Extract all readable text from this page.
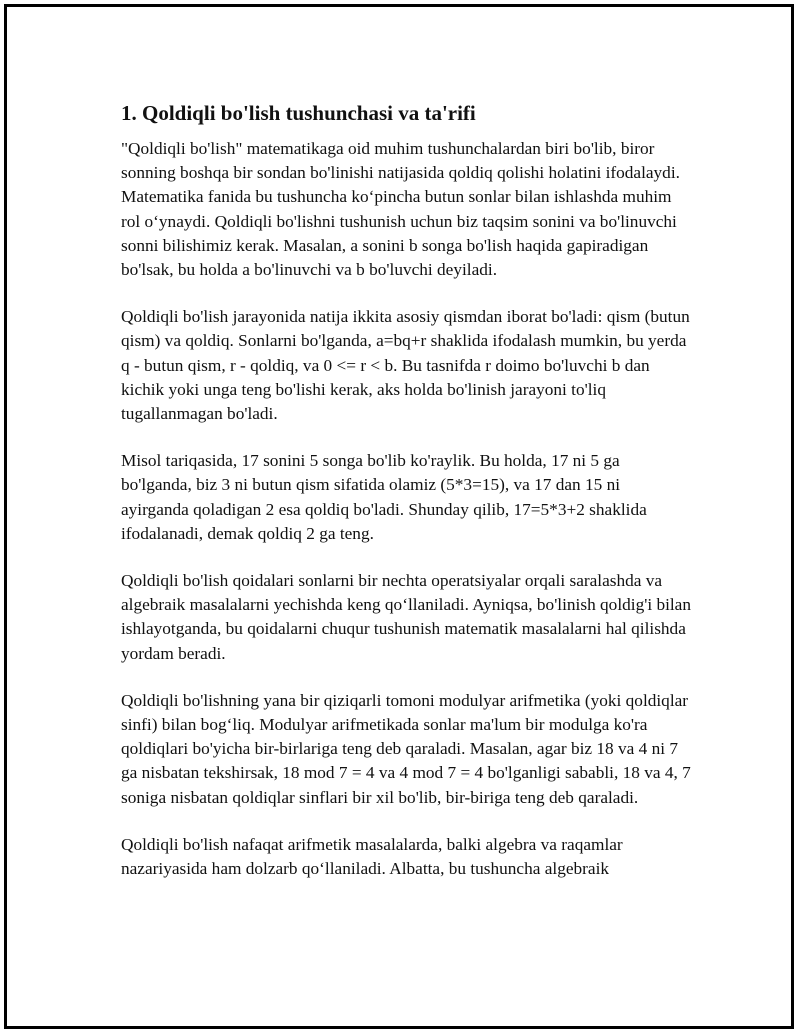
1. Qoldiqli bo'lish tushunchasi va ta'rifi

"Qoldiqli bo'lish" matematikaga oid muhim tushunchalardan biri bo'lib, biror sonning boshqa bir sondan bo'linishi natijasida qoldiq qolishi holatini ifodalaydi. Matematika fanida bu tushuncha ko‘pincha butun sonlar bilan ishlashda muhim rol o‘ynaydi. Qoldiqli bo'lishni tushunish uchun biz taqsim sonini va bo'linuvchi sonni bilishimiz kerak. Masalan, a sonini b songa bo'lish haqida gapiradigan bo'lsak, bu holda a bo'linuvchi va b bo'luvchi deyiladi.

Qoldiqli bo'lish jarayonida natija ikkita asosiy qismdan iborat bo'ladi: qism (butun qism) va qoldiq. Sonlarni bo'lganda, a=bq+r shaklida ifodalash mumkin, bu yerda q - butun qism, r - qoldiq, va 0 <= r < b. Bu tasnifda r doimo bo'luvchi b dan kichik yoki unga teng bo'lishi kerak, aks holda bo'linish jarayoni to'liq tugallanmagan bo'ladi.

Misol tariqasida, 17 sonini 5 songa bo'lib ko'raylik. Bu holda, 17 ni 5 ga bo'lganda, biz 3 ni butun qism sifatida olamiz (5*3=15), va 17 dan 15 ni ayirganda qoladigan 2 esa qoldiq bo'ladi. Shunday qilib, 17=5*3+2 shaklida ifodalanadi, demak qoldiq 2 ga teng.

Qoldiqli bo'lish qoidalari sonlarni bir nechta operatsiyalar orqali saralashda va algebraik masalalarni yechishda keng qo‘llaniladi. Ayniqsa, bo'linish qoldig'i bilan ishlayotganda, bu qoidalarni chuqur tushunish matematik masalalarni hal qilishda yordam beradi.

Qoldiqli bo'lishning yana bir qiziqarli tomoni modulyar arifmetika (yoki qoldiqlar sinfi) bilan bog‘liq. Modulyar arifmetikada sonlar ma'lum bir modulga ko'ra qoldiqlari bo'yicha bir-birlariga teng deb qaraladi. Masalan, agar biz 18 va 4 ni 7 ga nisbatan tekshirsak, 18 mod 7 = 4 va 4 mod 7 = 4 bo'lganligi sababli, 18 va 4, 7 soniga nisbatan qoldiqlar sinflari bir xil bo'lib, bir-biriga teng deb qaraladi.

Qoldiqli bo'lish nafaqat arifmetik masalalarda, balki algebra va raqamlar nazariyasida ham dolzarb qo‘llaniladi. Albatta, bu tushuncha algebraik
